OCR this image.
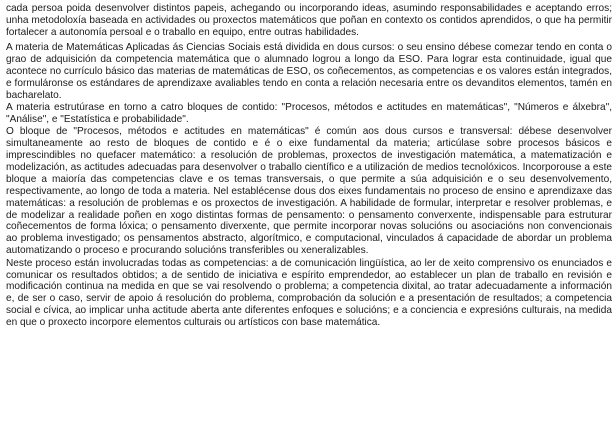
cada persoa poida desenvolver distintos papeis, achegando ou incorporando ideas, asumindo responsabilidades e aceptando erros; unha metodoloxía baseada en actividades ou proxectos matemáticos que poñan en contexto os contidos aprendidos, o que ha permitir fortalecer a autonomía persoal e o traballo en equipo, entre outras habilidades.

A materia de Matemáticas Aplicadas ás Ciencias Sociais está dividida en dous cursos: o seu ensino débese comezar tendo en conta o grao de adquisición da competencia matemática que o alumnado logrou a longo da ESO. Para lograr esta continuidade, igual que acontece no currículo básico das materias de matemáticas de ESO, os coñecementos, as competencias e os valores están integrados, e formuláronse os estándares de aprendizaxe avaliables tendo en conta a relación necesaria entre os devanditos elementos, tamén en bacharelato.

A materia estrutúrase en torno a catro bloques de contido: "Procesos, métodos e actitudes en matemáticas", "Números e álxebra", "Análise", e "Estatística e probabilidade".

O bloque de "Procesos, métodos e actitudes en matemáticas" é común aos dous cursos e transversal: débese desenvolver simultaneamente ao resto de bloques de contido e é o eixe fundamental da materia; articúlase sobre procesos básicos e imprescindibles no quefacer matemático: a resolución de problemas, proxectos de investigación matemática, a matematización e modelización, as actitudes adecuadas para desenvolver o traballo científico e a utilización de medios tecnolóxicos. Incorporouse a este bloque a maioría das competencias clave e os temas transversais, o que permite a súa adquisición e o seu desenvolvemento, respectivamente, ao longo de toda a materia. Nel establécense dous dos eixes fundamentais no proceso de ensino e aprendizaxe das matemáticas: a resolución de problemas e os proxectos de investigación. A habilidade de formular, interpretar e resolver problemas, e de modelizar a realidade poñen en xogo distintas formas de pensamento: o pensamento converxente, indispensable para estruturar coñecementos de forma lóxica; o pensamento diverxente, que permite incorporar novas solucións ou asociacións non convencionais ao problema investigado; os pensamentos abstracto, algorítmico, e computacional, vinculados á capacidade de abordar un problema automatizando o proceso e procurando solucións transferibles ou xeneralizables.

Neste proceso están involucradas todas as competencias: a de comunicación lingüística, ao ler de xeito comprensivo os enunciados e comunicar os resultados obtidos; a de sentido de iniciativa e espírito emprendedor, ao establecer un plan de traballo en revisión e modificación continua na medida en que se vai resolvendo o problema; a competencia dixital, ao tratar adecuadamente a información e, de ser o caso, servir de apoio á resolución do problema, comprobación da solución e a presentación de resultados; a competencia social e cívica, ao implicar unha actitude aberta ante diferentes enfoques e solucións; e a conciencia e expresións culturais, na medida en que o proxecto incorpore elementos culturais ou artísticos con base matemática.
